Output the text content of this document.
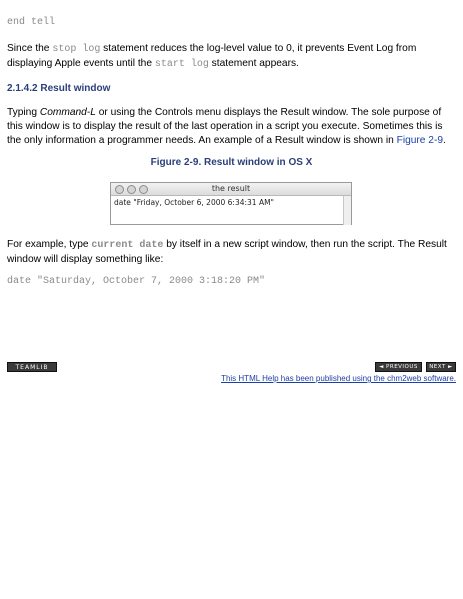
end tell
Since the stop log statement reduces the log-level value to 0, it prevents Event Log from displaying Apple events until the start log statement appears.
2.1.4.2 Result window
Typing Command-L or using the Controls menu displays the Result window. The sole purpose of this window is to display the result of the last operation in a script you execute. Sometimes this is the only information a programmer needs. An example of a Result window is shown in Figure 2-9.
Figure 2-9. Result window in OS X
the result
date "Friday, October 6, 2000 6:34:31 AM"
For example, type current date by itself in a new script window, then run the script. The Result window will display something like:
date "Saturday, October 7, 2000 3:18:20 PM"
TEAMLIB	◄ PREVIOUS	NEXT ►
This HTML Help has been published using the chm2web software.
